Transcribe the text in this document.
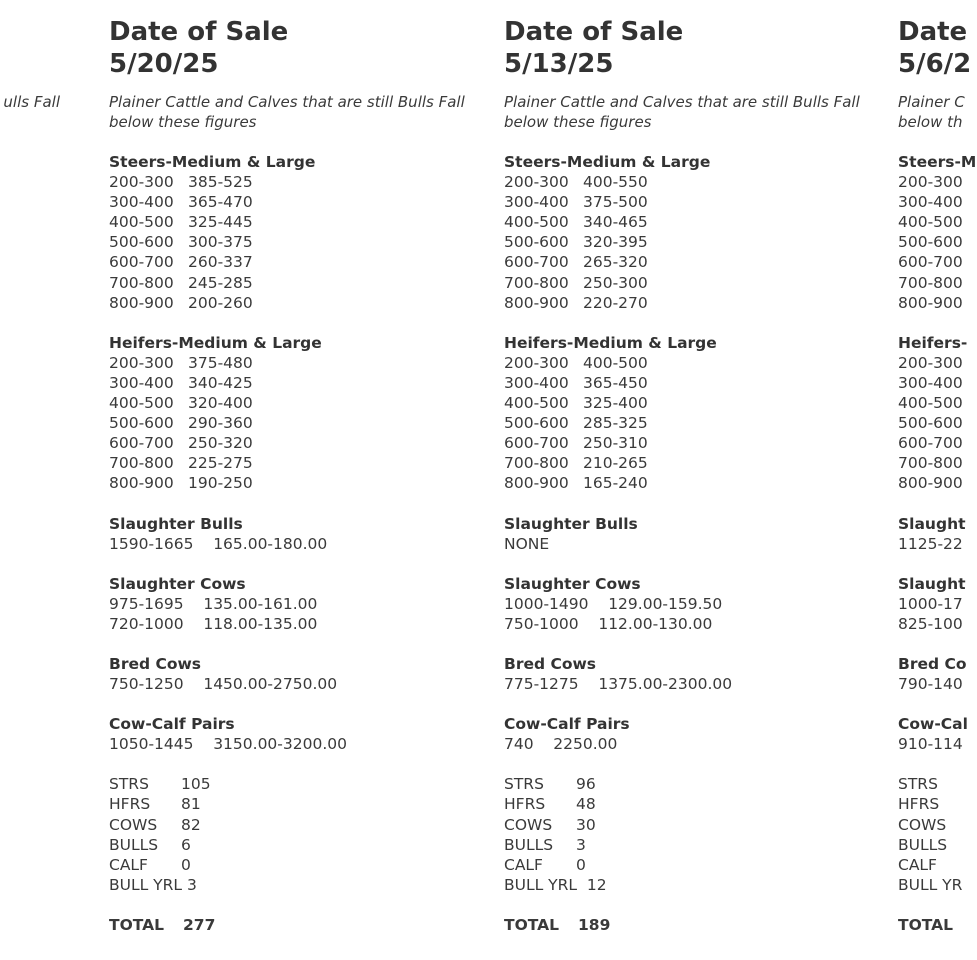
ulls Fall
Date of Sale
5/20/25
Plainer Cattle and Calves that are still Bulls Fall
below these figures
Steers-Medium & Large
200-300 385-525
300-400 365-470
400-500 325-445
500-600 300-375
600-700 260-337
700-800 245-285
800-900 200-260
Heifers-Medium & Large
200-300 375-480
300-400 340-425
400-500 320-400
500-600 290-360
600-700 250-320
700-800 225-275
800-900 190-250
Slaughter Bulls
1590-1665    165.00-180.00
Slaughter Cows
975-1695    135.00-161.00
720-1000    118.00-135.00
Bred Cows
750-1250    1450.00-2750.00
Cow-Calf Pairs
1050-1445    3150.00-3200.00
STRS 105
HFRS 81
COWS 82
BULLS 6
CALF 0
BULL YRL 3
TOTAL 277
Date of Sale
5/13/25
Plainer Cattle and Calves that are still Bulls Fall
below these figures
Steers-Medium & Large
200-300 400-550
300-400 375-500
400-500 340-465
500-600 320-395
600-700 265-320
700-800 250-300
800-900 220-270
Heifers-Medium & Large
200-300 400-500
300-400 365-450
400-500 325-400
500-600 285-325
600-700 250-310
700-800 210-265
800-900 165-240
Slaughter Bulls
NONE
Slaughter Cows
1000-1490    129.00-159.50
750-1000    112.00-130.00
Bred Cows
775-1275    1375.00-2300.00
Cow-Calf Pairs
740    2250.00
STRS 96
HFRS 48
COWS 30
BULLS 3
CALF 0
BULL YRL 12
TOTAL 189
Date
5/6/2
Plainer C
below th
Steers-M
200-300
300-400
400-500
500-600
600-700
700-800
800-900
Heifers-
200-300
300-400
400-500
500-600
600-700
700-800
800-900
Slaught
1125-22
Slaught
1000-17
825-100
Bred Co
790-140
Cow-Cal
910-114
STRS
HFRS
COWS
BULLS
CALF
BULL YR
TOTAL
